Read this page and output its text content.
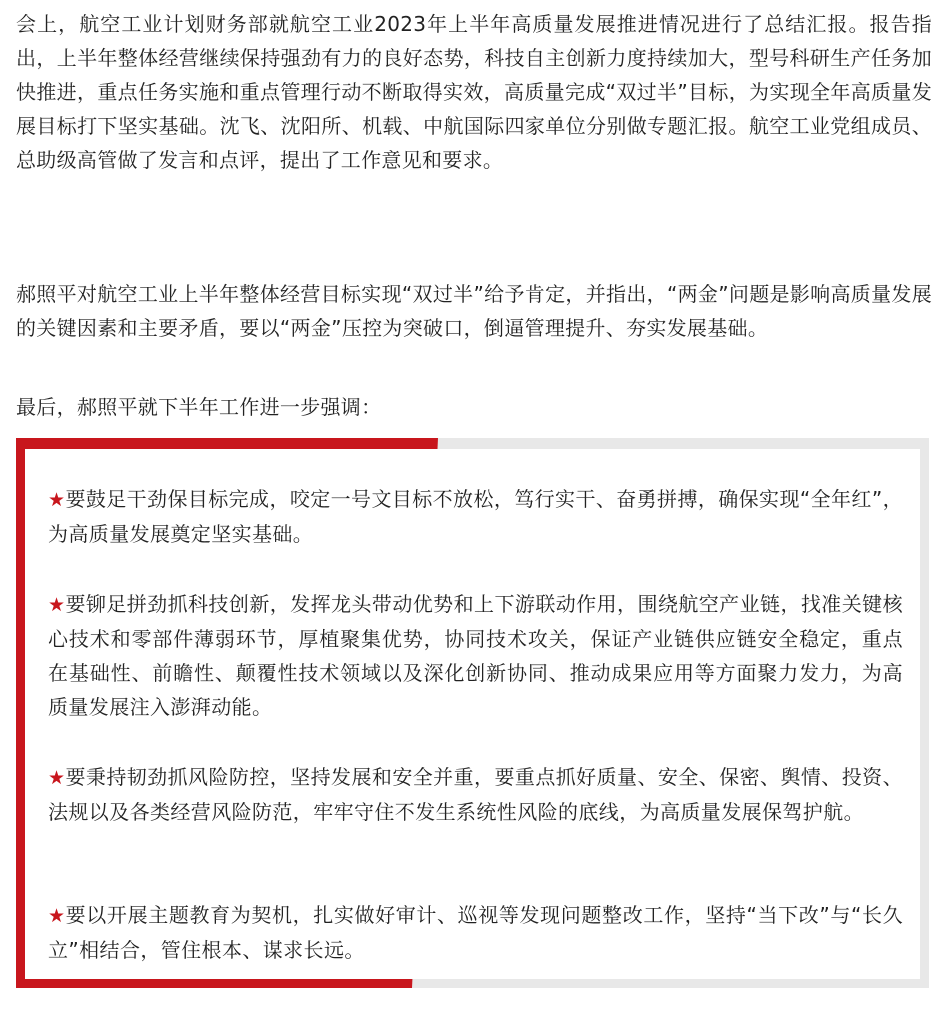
会上，航空工业计划财务部就航空工业2023年上半年高质量发展推进情况进行了总结汇报。报告指出，上半年整体经营继续保持强劲有力的良好态势，科技自主创新力度持续加大，型号科研生产任务加快推进，重点任务实施和重点管理行动不断取得实效，高质量完成“双过半”目标，为实现全年高质量发展目标打下坚实基础。沈飞、沈阳所、机载、中航国际四家单位分别做专题汇报。航空工业党组成员、总助级高管做了发言和点评，提出了工作意见和要求。

郝照平对航空工业上半年整体经营目标实现“双过半”给予肯定，并指出，“两金”问题是影响高质量发展的关键因素和主要矛盾，要以“两金”压控为突破口，倒逼管理提升、夯实发展基础。

最后，郝照平就下半年工作进一步强调：

★要鼓足干劲保目标完成，咬定一号文目标不放松，笃行实干、奋勇拼搏，确保实现“全年红”，为高质量发展奠定坚实基础。

★要铆足拼劲抓科技创新，发挥龙头带动优势和上下游联动作用，围绕航空产业链，找准关键核心技术和零部件薄弱环节，厚植聚集优势，协同技术攻关，保证产业链供应链安全稳定，重点在基础性、前瞻性、颠覆性技术领域以及深化创新协同、推动成果应用等方面聚力发力，为高质量发展注入澎湃动能。

★要秉持韧劲抓风险防控，坚持发展和安全并重，要重点抓好质量、安全、保密、舆情、投资、法规以及各类经营风险防范，牢牢守住不发生系统性风险的底线，为高质量发展保驾护航。

★要以开展主题教育为契机，扎实做好审计、巡视等发现问题整改工作，坚持“当下改”与“长久立”相结合，管住根本、谋求长远。
